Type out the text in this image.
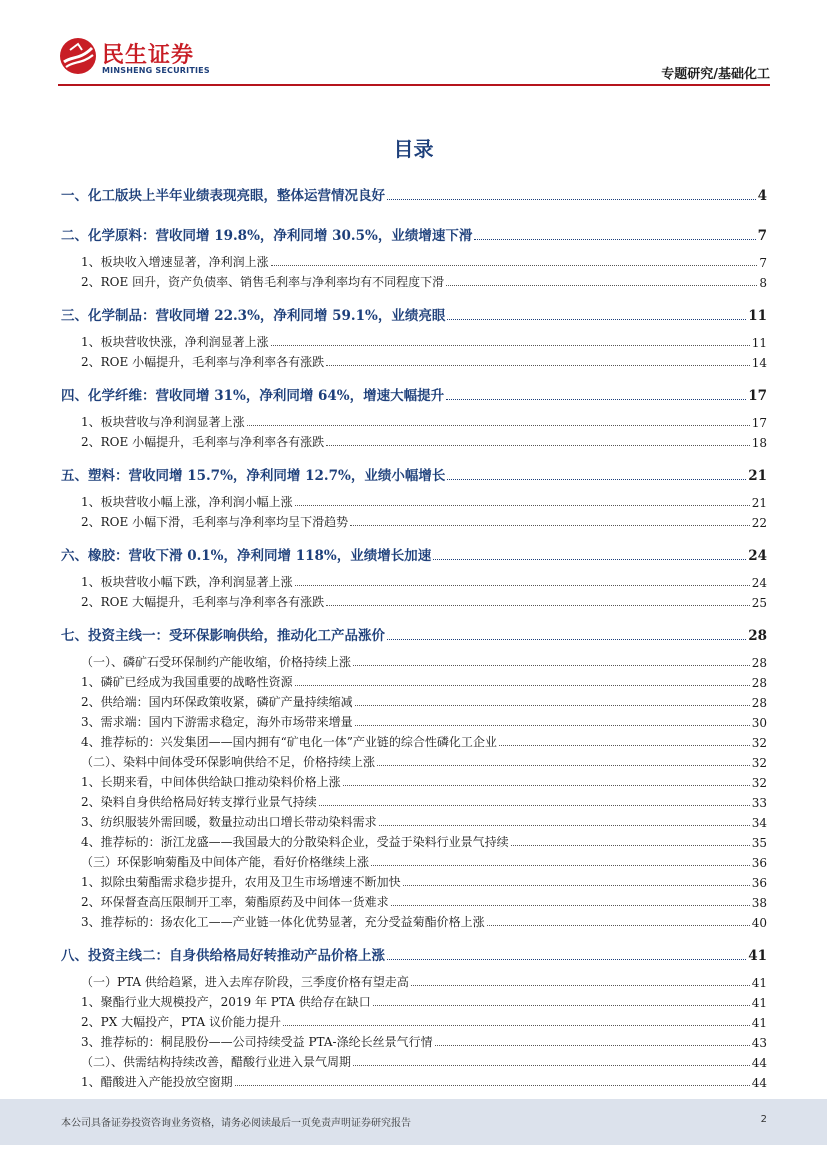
民生证券
MINSHENG SECURITIES	专题研究/基础化工
目录
一、化工版块上半年业绩表现亮眼，整体运营情况良好	4
二、化学原料：营收同增 19.8%，净利同增 30.5%，业绩增速下滑	7
1、板块收入增速显著，净利润上涨	7
2、ROE 回升，资产负债率、销售毛利率与净利率均有不同程度下滑	8
三、化学制品：营收同增 22.3%，净利同增 59.1%，业绩亮眼	11
1、板块营收快涨，净利润显著上涨	11
2、ROE 小幅提升，毛利率与净利率各有涨跌	14
四、化学纤维：营收同增 31%，净利同增 64%，增速大幅提升	17
1、板块营收与净利润显著上涨	17
2、ROE 小幅提升，毛利率与净利率各有涨跌	18
五、塑料：营收同增 15.7%，净利同增 12.7%，业绩小幅增长	21
1、板块营收小幅上涨，净利润小幅上涨	21
2、ROE 小幅下滑，毛利率与净利率均呈下滑趋势	22
六、橡胶：营收下滑 0.1%，净利同增 118%，业绩增长加速	24
1、板块营收小幅下跌，净利润显著上涨	24
2、ROE 大幅提升，毛利率与净利率各有涨跌	25
七、投资主线一：受环保影响供给，推动化工产品涨价	28
（一）、磷矿石受环保制约产能收缩，价格持续上涨	28
1、磷矿已经成为我国重要的战略性资源	28
2、供给端：国内环保政策收紧，磷矿产量持续缩减	28
3、需求端：国内下游需求稳定，海外市场带来增量	30
4、推荐标的：兴发集团——国内拥有“矿电化一体”产业链的综合性磷化工企业	32
（二）、染料中间体受环保影响供给不足，价格持续上涨	32
1、长期来看，中间体供给缺口推动染料价格上涨	32
2、染料自身供给格局好转支撑行业景气持续	33
3、纺织服装外需回暖，数量拉动出口增长带动染料需求	34
4、推荐标的：浙江龙盛——我国最大的分散染料企业，受益于染料行业景气持续	35
（三）环保影响菊酯及中间体产能，看好价格继续上涨	36
1、拟除虫菊酯需求稳步提升，农用及卫生市场增速不断加快	36
2、环保督查高压限制开工率，菊酯原药及中间体一货难求	38
3、推荐标的：扬农化工——产业链一体化优势显著，充分受益菊酯价格上涨	40
八、投资主线二：自身供给格局好转推动产品价格上涨	41
（一）PTA 供给趋紧，进入去库存阶段，三季度价格有望走高	41
1、聚酯行业大规模投产，2019 年 PTA 供给存在缺口	41
2、PX 大幅投产，PTA 议价能力提升	41
3、推荐标的：桐昆股份——公司持续受益 PTA-涤纶长丝景气行情	43
（二）、供需结构持续改善，醋酸行业进入景气周期	44
1、醋酸进入产能投放空窗期	44
本公司具备证券投资咨询业务资格，请务必阅读最后一页免责声明证券研究报告	2
